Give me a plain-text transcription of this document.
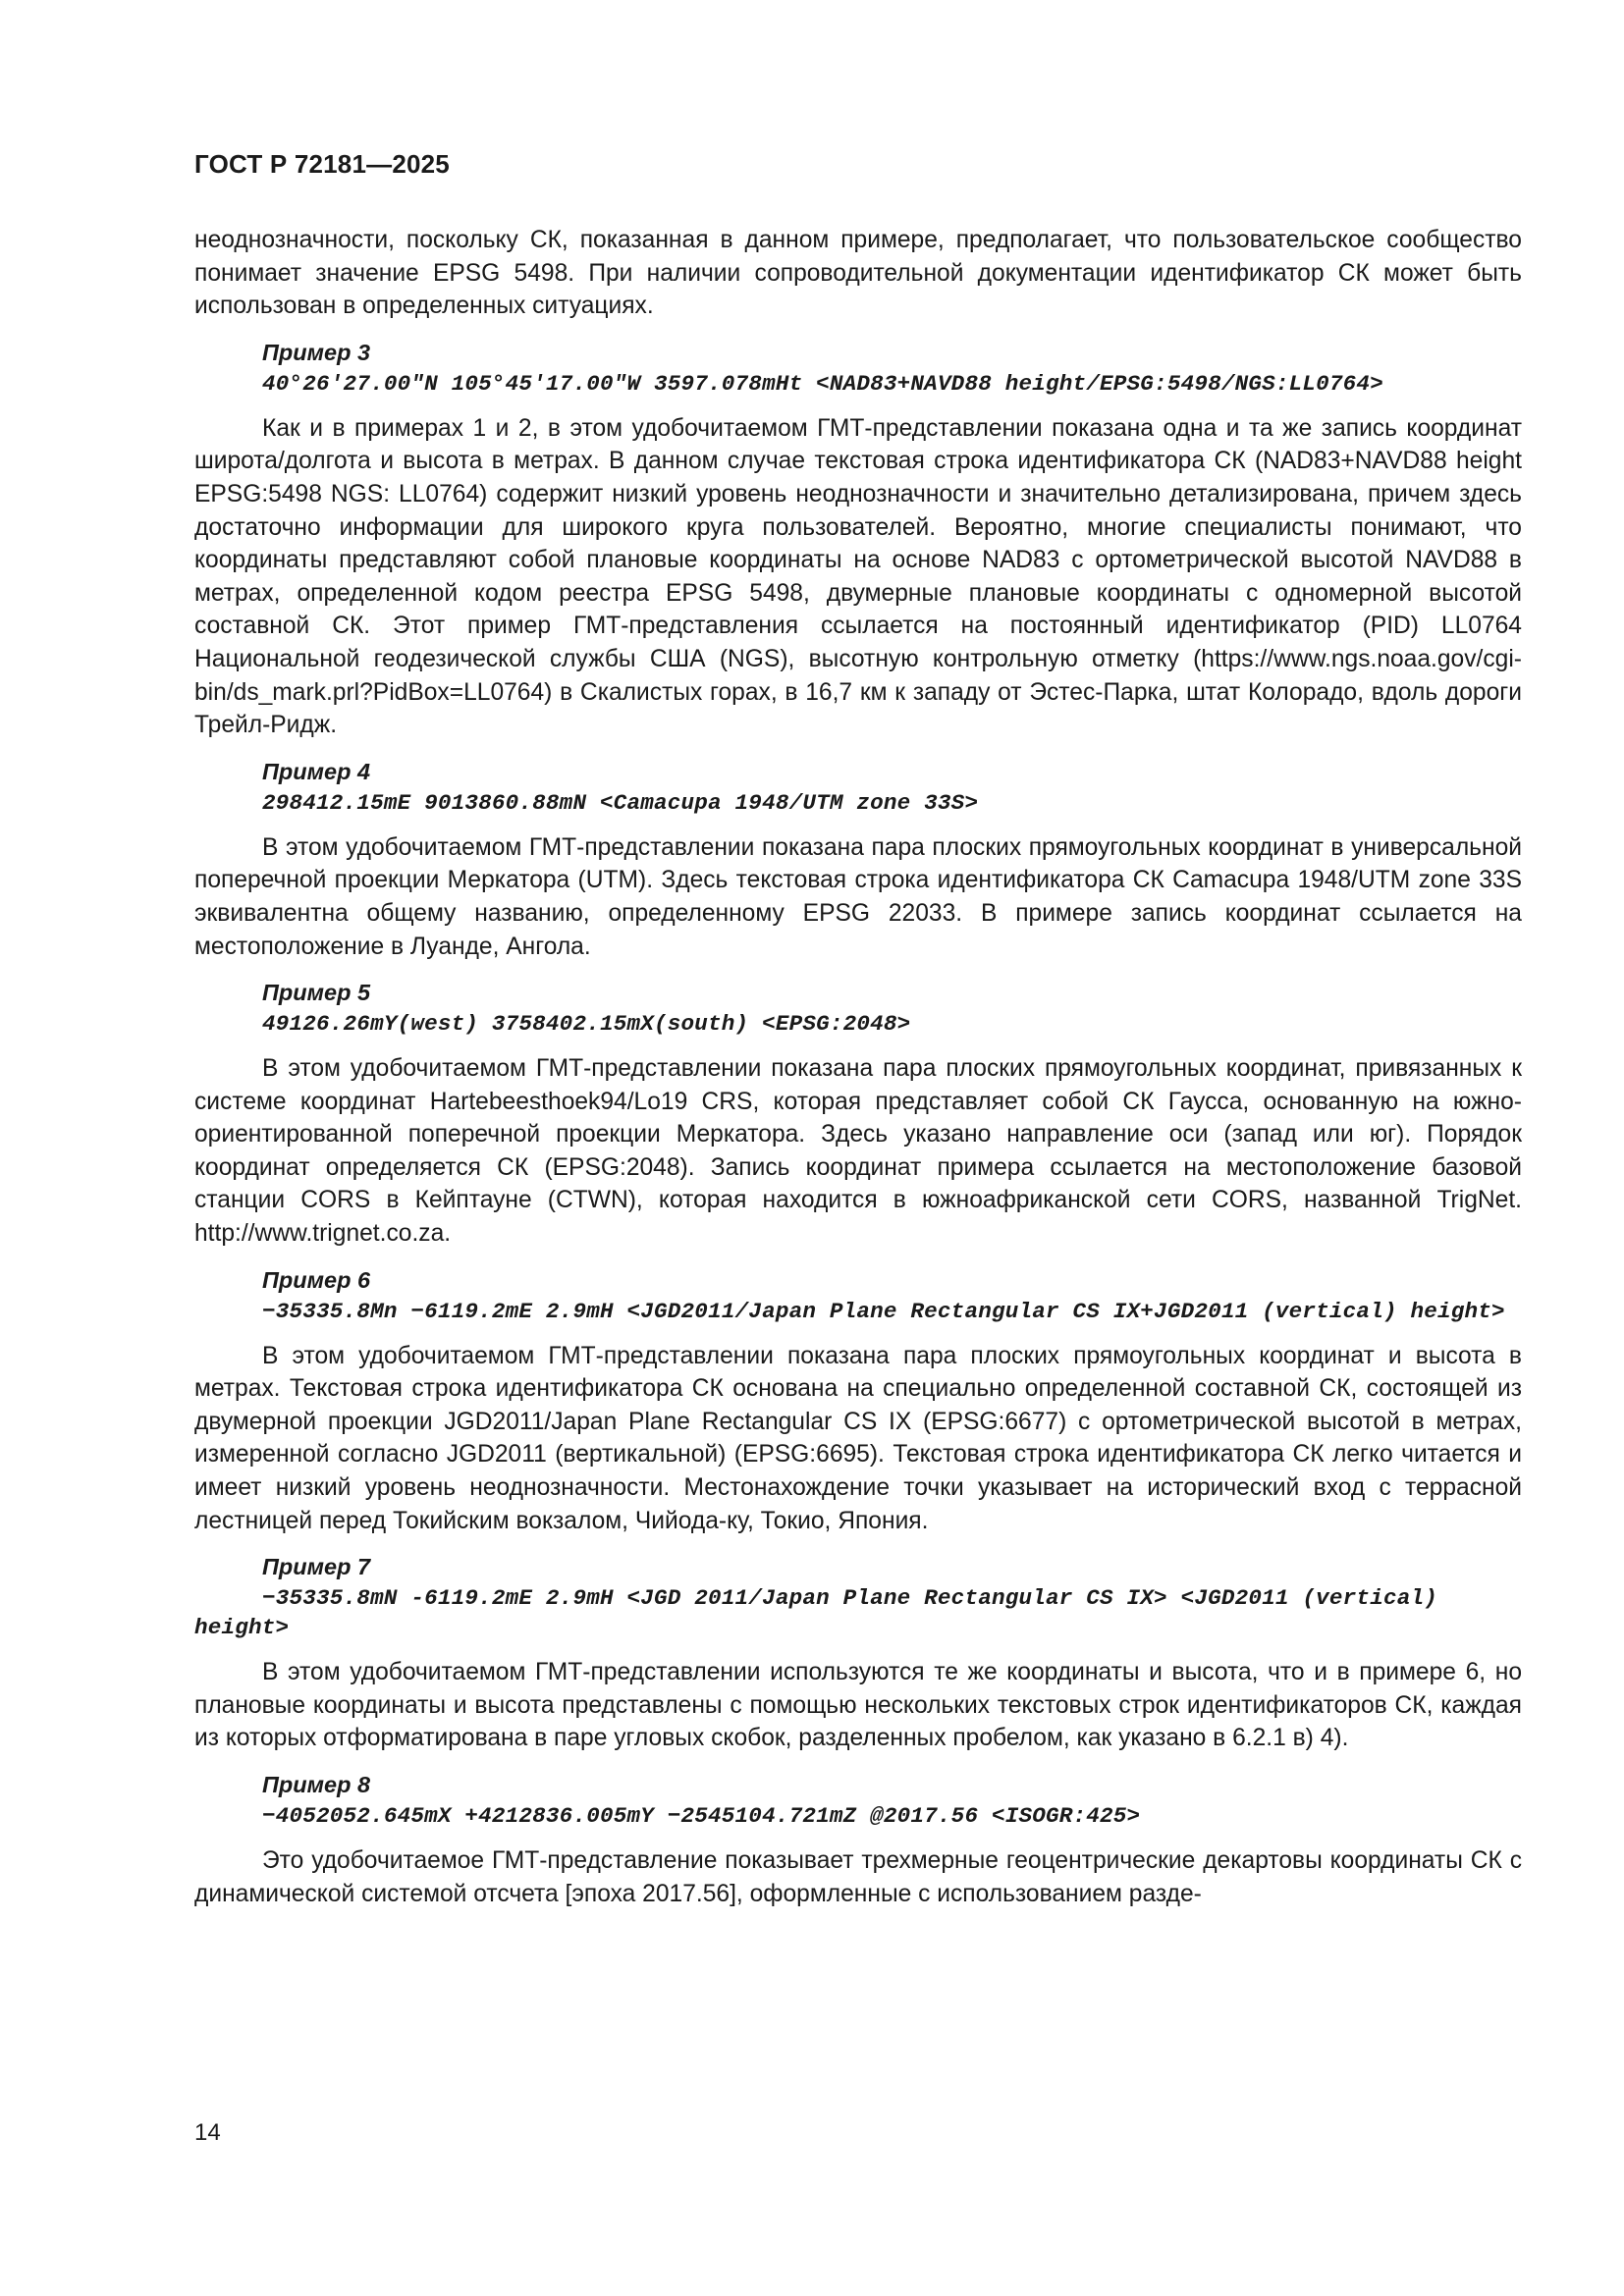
ГОСТ Р 72181—2025

неоднозначности, поскольку СК, показанная в данном примере, предполагает, что пользовательское сообщество понимает значение EPSG 5498. При наличии сопроводительной документации идентификатор СК может быть использован в определенных ситуациях.

Пример 3
40°26′27.00″N 105°45′17.00″W 3597.078mHt <NAD83+NAVD88 height/EPSG:5498/NGS:LL0764>

Как и в примерах 1 и 2, в этом удобочитаемом ГМТ-представлении показана одна и та же запись координат широта/долгота и высота в метрах. В данном случае текстовая строка идентификатора СК (NAD83+NAVD88 height EPSG:5498 NGS: LL0764) содержит низкий уровень неоднозначности и значительно детализирована, причем здесь достаточно информации для широкого круга пользователей. Вероятно, многие специалисты понимают, что координаты представляют собой плановые координаты на основе NAD83 с ортометрической высотой NAVD88 в метрах, определенной кодом реестра EPSG 5498, двумерные плановые координаты с одномерной высотой составной СК. Этот пример ГМТ-представления ссылается на постоянный идентификатор (PID) LL0764 Национальной геодезической службы США (NGS), высотную контрольную отметку (https://www.ngs.noaa.gov/cgi-bin/ds_mark.prl?PidBox=LL0764) в Скалистых горах, в 16,7 км к западу от Эстес-Парка, штат Колорадо, вдоль дороги Трейл-Ридж.

Пример 4
298412.15mE 9013860.88mN <Camacupa 1948/UTM zone 33S>

В этом удобочитаемом ГМТ-представлении показана пара плоских прямоугольных координат в универсальной поперечной проекции Меркатора (UTM). Здесь текстовая строка идентификатора СК Camacupa 1948/UTM zone 33S эквивалентна общему названию, определенному EPSG 22033. В примере запись координат ссылается на местоположение в Луанде, Ангола.

Пример 5
49126.26mY(west) 3758402.15mX(south) <EPSG:2048>

В этом удобочитаемом ГМТ-представлении показана пара плоских прямоугольных координат, привязанных к системе координат Hartebeesthoek94/Lo19 CRS, которая представляет собой СК Гаусса, основанную на южно-ориентированной поперечной проекции Меркатора. Здесь указано направление оси (запад или юг). Порядок координат определяется СК (EPSG:2048). Запись координат примера ссылается на местоположение базовой станции CORS в Кейптауне (CTWN), которая находится в южноафриканской сети CORS, названной TrigNet. http://www.trignet.co.za.

Пример 6
−35335.8Mn −6119.2mE 2.9mH <JGD2011/Japan Plane Rectangular CS IX+JGD2011 (vertical) height>

В этом удобочитаемом ГМТ-представлении показана пара плоских прямоугольных координат и высота в метрах. Текстовая строка идентификатора СК основана на специально определенной составной СК, состоящей из двумерной проекции JGD2011/Japan Plane Rectangular CS IX (EPSG:6677) с ортометрической высотой в метрах, измеренной согласно JGD2011 (вертикальной) (EPSG:6695). Текстовая строка идентификатора СК легко читается и имеет низкий уровень неоднозначности. Местонахождение точки указывает на исторический вход с террасной лестницей перед Токийским вокзалом, Чийода-ку, Токио, Япония.

Пример 7
−35335.8mN -6119.2mE 2.9mH <JGD 2011/Japan Plane Rectangular CS IX> <JGD2011 (vertical) height>

В этом удобочитаемом ГМТ-представлении используются те же координаты и высота, что и в примере 6, но плановые координаты и высота представлены с помощью нескольких текстовых строк идентификаторов СК, каждая из которых отформатирована в паре угловых скобок, разделенных пробелом, как указано в 6.2.1 в) 4).

Пример 8
−4052052.645mX +4212836.005mY −2545104.721mZ @2017.56 <ISOGR:425>

Это удобочитаемое ГМТ-представление показывает трехмерные геоцентрические декартовы координаты СК с динамической системой отсчета [эпоха 2017.56], оформленные с использованием разде-

14
